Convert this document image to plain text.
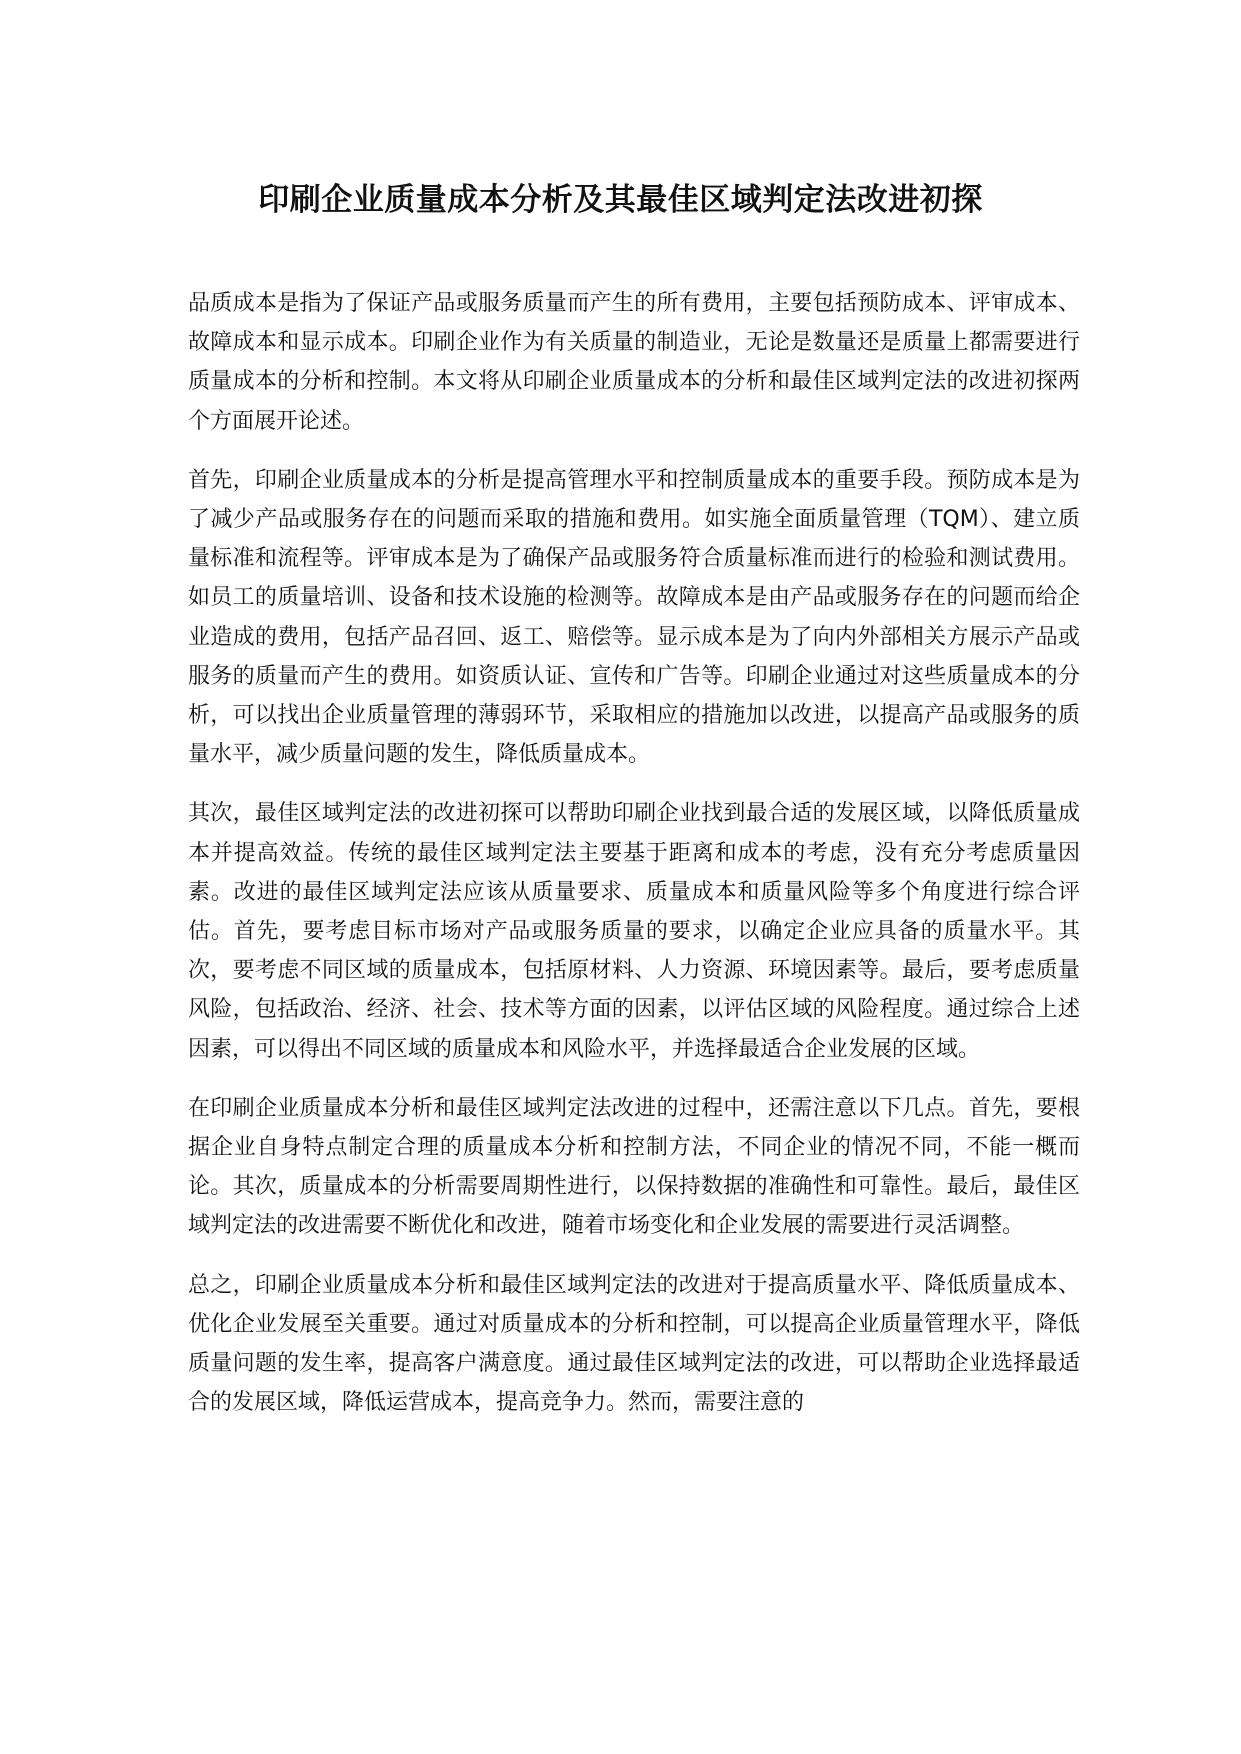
印刷企业质量成本分析及其最佳区域判定法改进初探

品质成本是指为了保证产品或服务质量而产生的所有费用，主要包括预防成本、评审成本、故障成本和显示成本。印刷企业作为有关质量的制造业，无论是数量还是质量上都需要进行质量成本的分析和控制。本文将从印刷企业质量成本的分析和最佳区域判定法的改进初探两个方面展开论述。

首先，印刷企业质量成本的分析是提高管理水平和控制质量成本的重要手段。预防成本是为了减少产品或服务存在的问题而采取的措施和费用。如实施全面质量管理（TQM）、建立质量标准和流程等。评审成本是为了确保产品或服务符合质量标准而进行的检验和测试费用。如员工的质量培训、设备和技术设施的检测等。故障成本是由产品或服务存在的问题而给企业造成的费用，包括产品召回、返工、赔偿等。显示成本是为了向内外部相关方展示产品或服务的质量而产生的费用。如资质认证、宣传和广告等。印刷企业通过对这些质量成本的分析，可以找出企业质量管理的薄弱环节，采取相应的措施加以改进，以提高产品或服务的质量水平，减少质量问题的发生，降低质量成本。

其次，最佳区域判定法的改进初探可以帮助印刷企业找到最合适的发展区域，以降低质量成本并提高效益。传统的最佳区域判定法主要基于距离和成本的考虑，没有充分考虑质量因素。改进的最佳区域判定法应该从质量要求、质量成本和质量风险等多个角度进行综合评估。首先，要考虑目标市场对产品或服务质量的要求，以确定企业应具备的质量水平。其次，要考虑不同区域的质量成本，包括原材料、人力资源、环境因素等。最后，要考虑质量风险，包括政治、经济、社会、技术等方面的因素，以评估区域的风险程度。通过综合上述因素，可以得出不同区域的质量成本和风险水平，并选择最适合企业发展的区域。

在印刷企业质量成本分析和最佳区域判定法改进的过程中，还需注意以下几点。首先，要根据企业自身特点制定合理的质量成本分析和控制方法，不同企业的情况不同，不能一概而论。其次，质量成本的分析需要周期性进行，以保持数据的准确性和可靠性。最后，最佳区域判定法的改进需要不断优化和改进，随着市场变化和企业发展的需要进行灵活调整。

总之，印刷企业质量成本分析和最佳区域判定法的改进对于提高质量水平、降低质量成本、优化企业发展至关重要。通过对质量成本的分析和控制，可以提高企业质量管理水平，降低质量问题的发生率，提高客户满意度。通过最佳区域判定法的改进，可以帮助企业选择最适合的发展区域，降低运营成本，提高竞争力。然而，需要注意的
